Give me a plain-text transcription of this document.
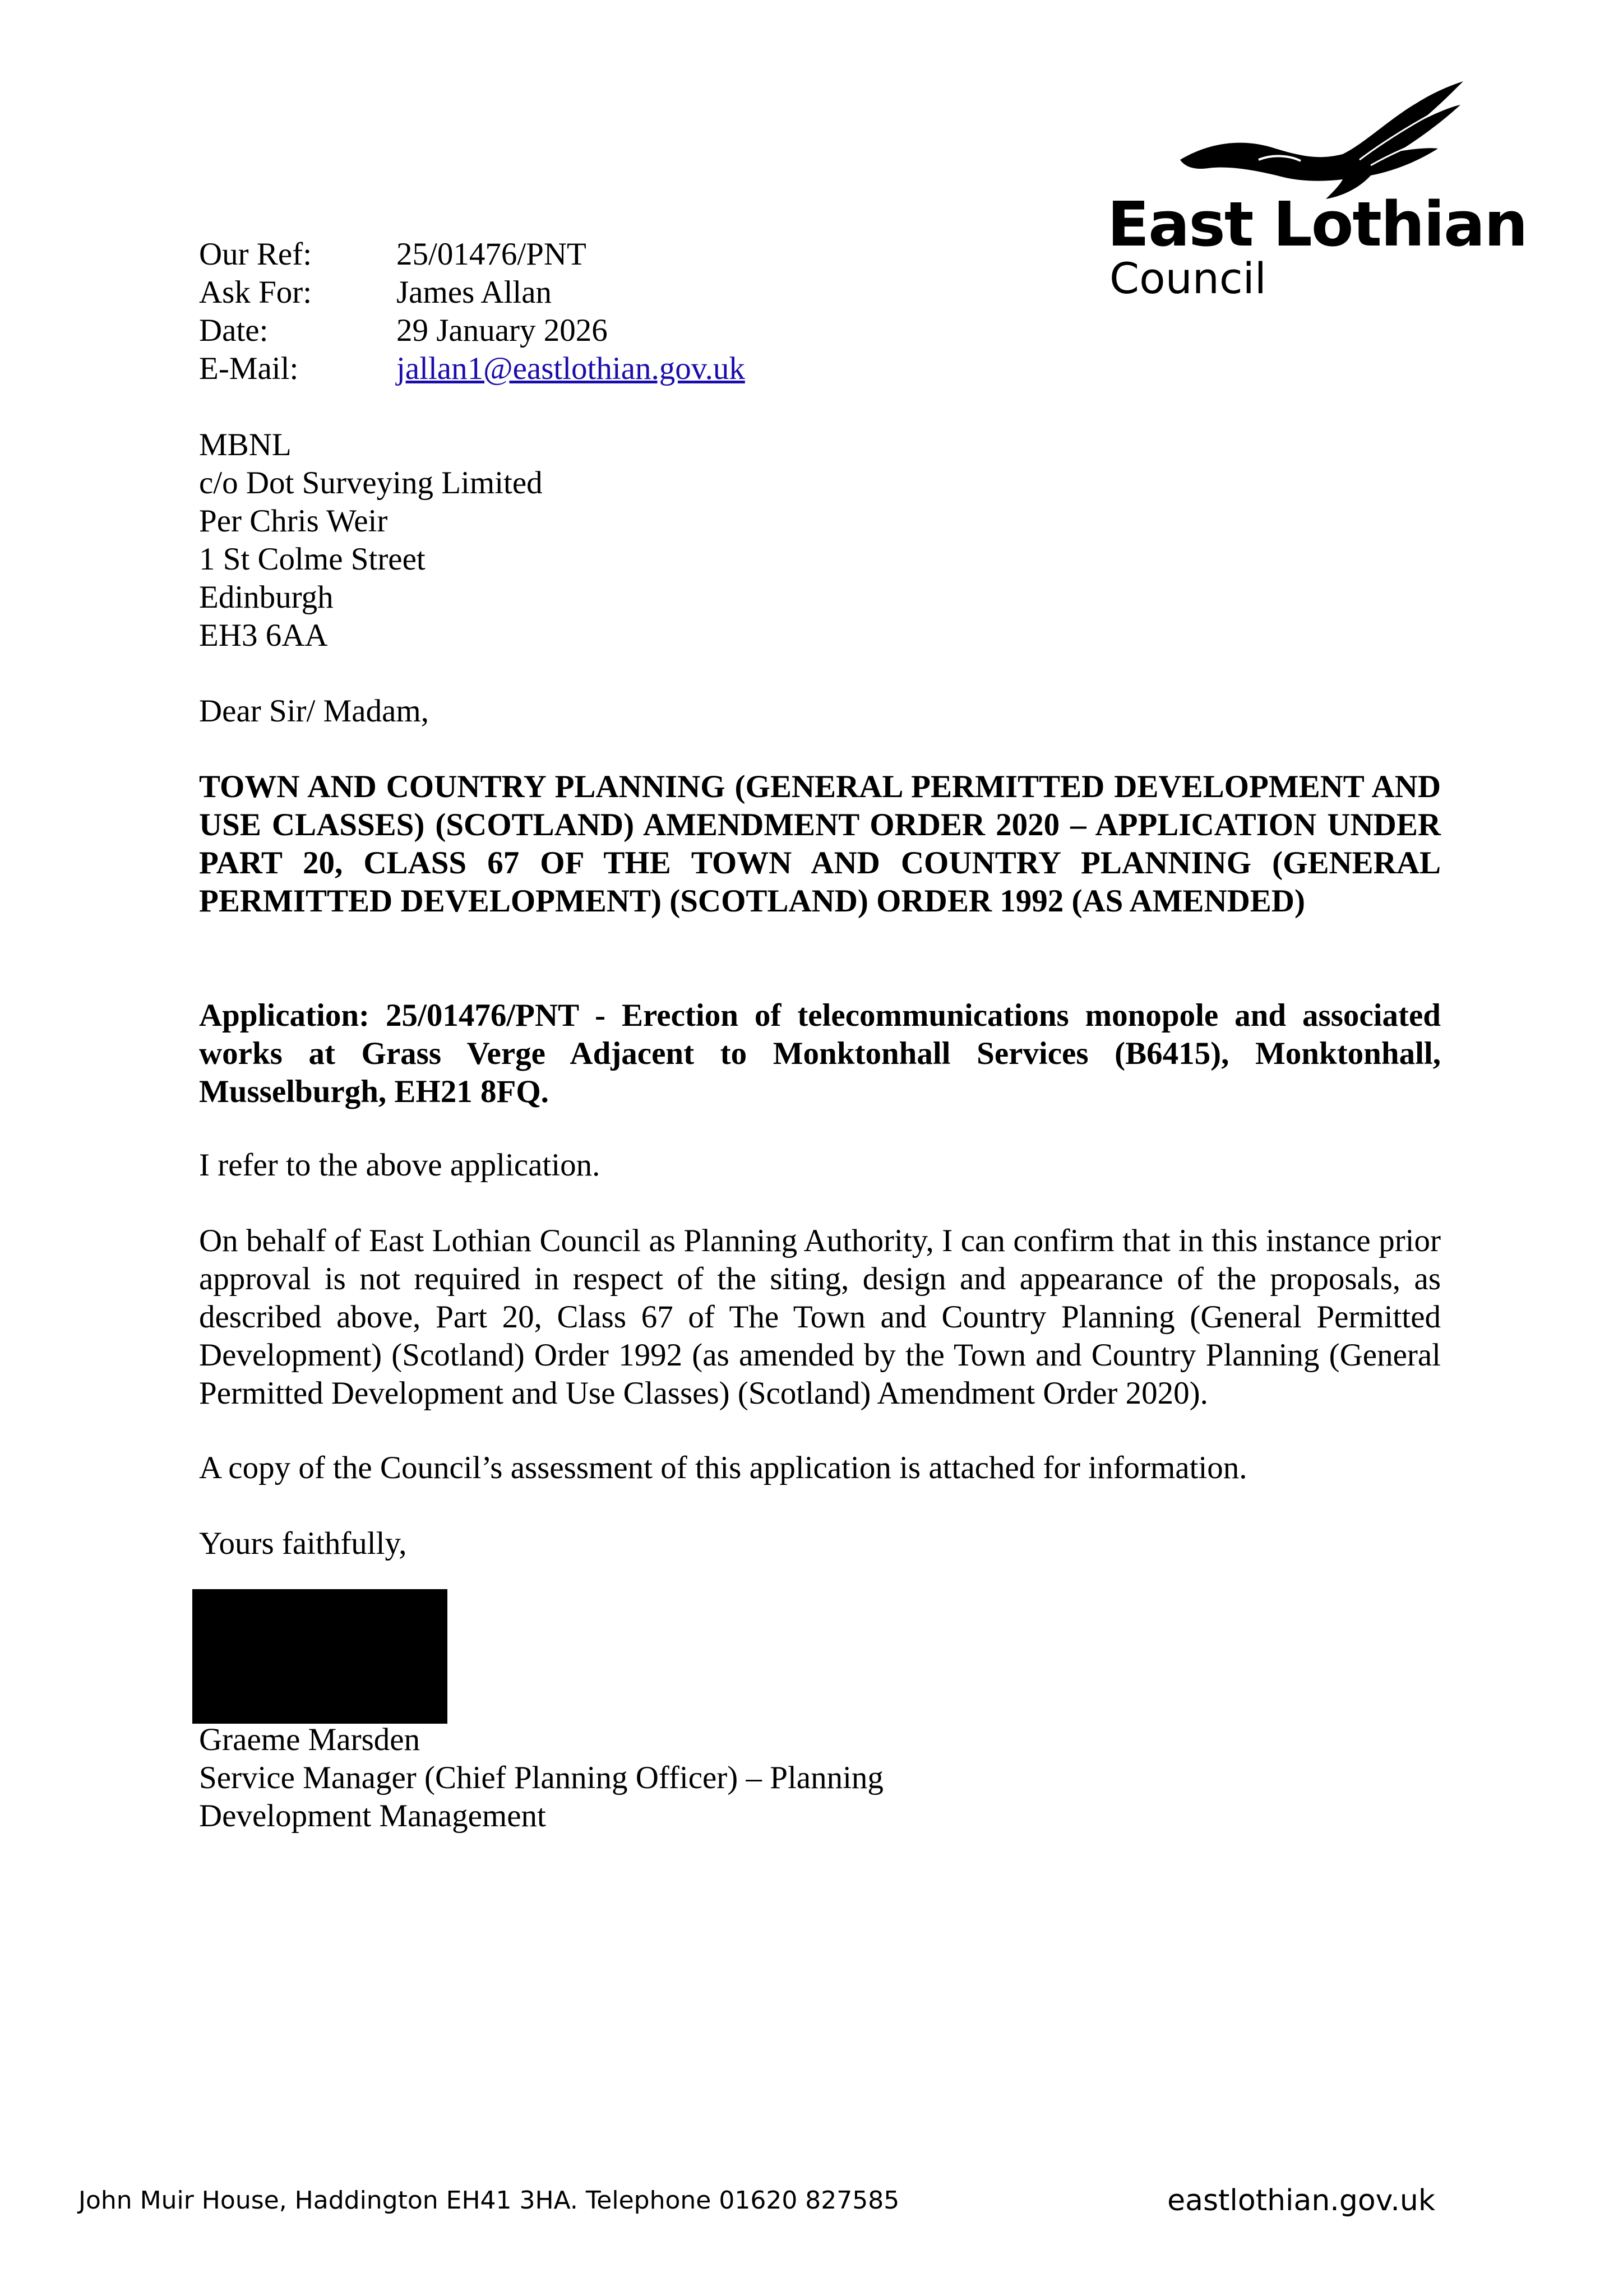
East Lothian
Council
Our Ref:	25/01476/PNT
Ask For:	James Allan
Date:	29 January 2026
E-Mail:	jallan1@eastlothian.gov.uk
MBNL
c/o Dot Surveying Limited
Per Chris Weir
1 St Colme Street
Edinburgh
EH3 6AA
Dear Sir/ Madam,
TOWN AND COUNTRY PLANNING (GENERAL PERMITTED DEVELOPMENT AND USE CLASSES) (SCOTLAND) AMENDMENT ORDER 2020 – APPLICATION UNDER PART 20, CLASS 67 OF THE TOWN AND COUNTRY PLANNING (GENERAL PERMITTED DEVELOPMENT) (SCOTLAND) ORDER 1992 (AS AMENDED)
Application: 25/01476/PNT - Erection of telecommunications monopole and associated works at Grass Verge Adjacent to Monktonhall Services (B6415), Monktonhall, Musselburgh, EH21 8FQ.
I refer to the above application.
On behalf of East Lothian Council as Planning Authority, I can confirm that in this instance prior approval is not required in respect of the siting, design and appearance of the proposals, as described above, Part 20, Class 67 of The Town and Country Planning (General Permitted Development) (Scotland) Order 1992 (as amended by the Town and Country Planning (General Permitted Development and Use Classes) (Scotland) Amendment Order 2020).
A copy of the Council’s assessment of this application is attached for information.
Yours faithfully,
Graeme Marsden
Service Manager (Chief Planning Officer) – Planning
Development Management
John Muir House, Haddington EH41 3HA. Telephone 01620 827585	eastlothian.gov.uk
